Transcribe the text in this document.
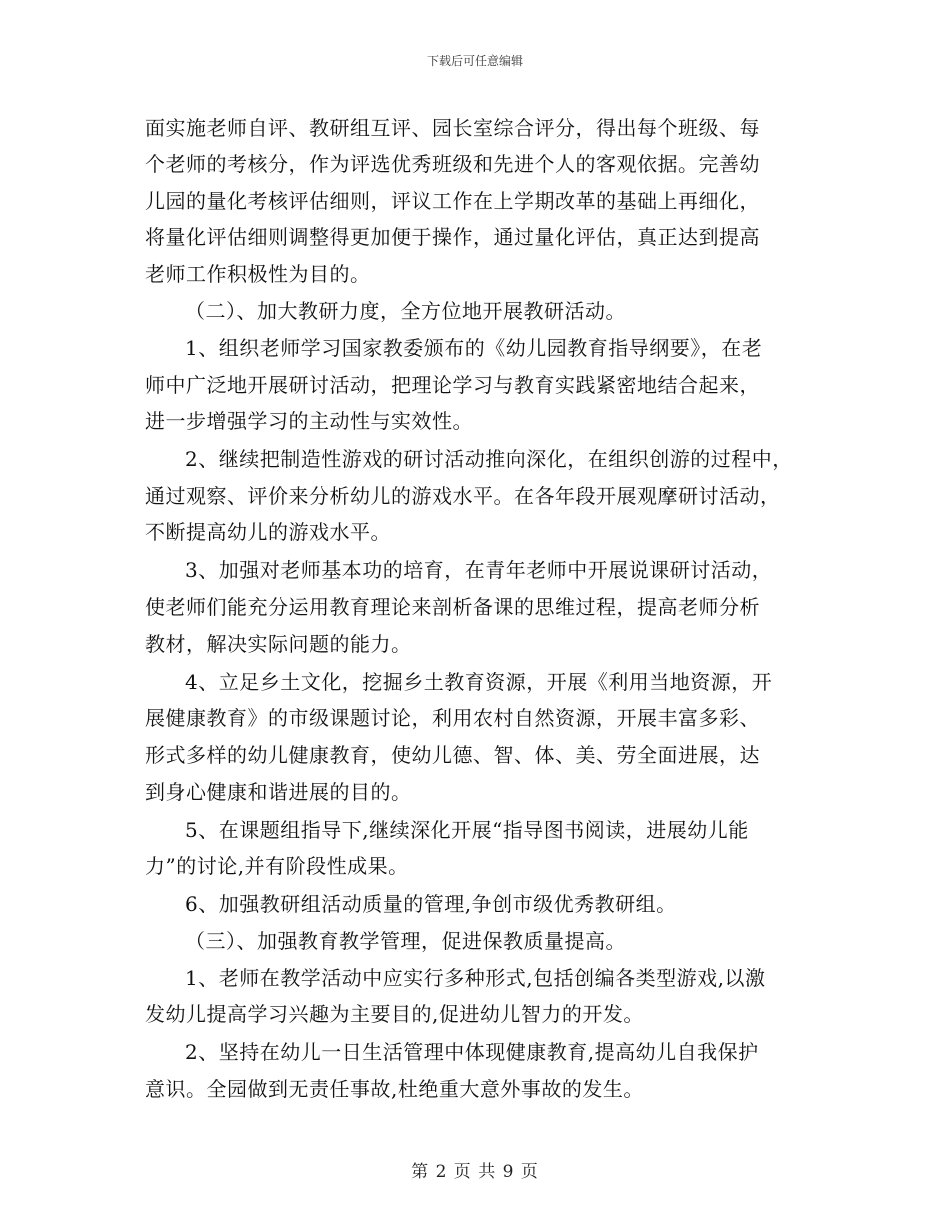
下载后可任意编辑
面实施老师自评、教研组互评、园长室综合评分，得出每个班级、每
个老师的考核分，作为评选优秀班级和先进个人的客观依据。完善幼
儿园的量化考核评估细则，评议工作在上学期改革的基础上再细化，
将量化评估细则调整得更加便于操作，通过量化评估，真正达到提高
老师工作积极性为目的。
（二）、加大教研力度，全方位地开展教研活动。
1、组织老师学习国家教委颁布的《幼儿园教育指导纲要》，在老
师中广泛地开展研讨活动，把理论学习与教育实践紧密地结合起来，
进一步增强学习的主动性与实效性。
2、继续把制造性游戏的研讨活动推向深化，在组织创游的过程中，
通过观察、评价来分析幼儿的游戏水平。在各年段开展观摩研讨活动，
不断提高幼儿的游戏水平。
3、加强对老师基本功的培育，在青年老师中开展说课研讨活动，
使老师们能充分运用教育理论来剖析备课的思维过程，提高老师分析
教材，解决实际问题的能力。
4、立足乡土文化，挖掘乡土教育资源，开展《利用当地资源，开
展健康教育》的市级课题讨论，利用农村自然资源，开展丰富多彩、
形式多样的幼儿健康教育，使幼儿德、智、体、美、劳全面进展，达
到身心健康和谐进展的目的。
5、在课题组指导下,继续深化开展“指导图书阅读，进展幼儿能
力”的讨论,并有阶段性成果。
6、加强教研组活动质量的管理,争创市级优秀教研组。
（三）、加强教育教学管理，促进保教质量提高。
1、老师在教学活动中应实行多种形式,包括创编各类型游戏,以激
发幼儿提高学习兴趣为主要目的,促进幼儿智力的开发。
2、坚持在幼儿一日生活管理中体现健康教育,提高幼儿自我保护
意识。全园做到无责任事故,杜绝重大意外事故的发生。
第 2 页 共 9 页
